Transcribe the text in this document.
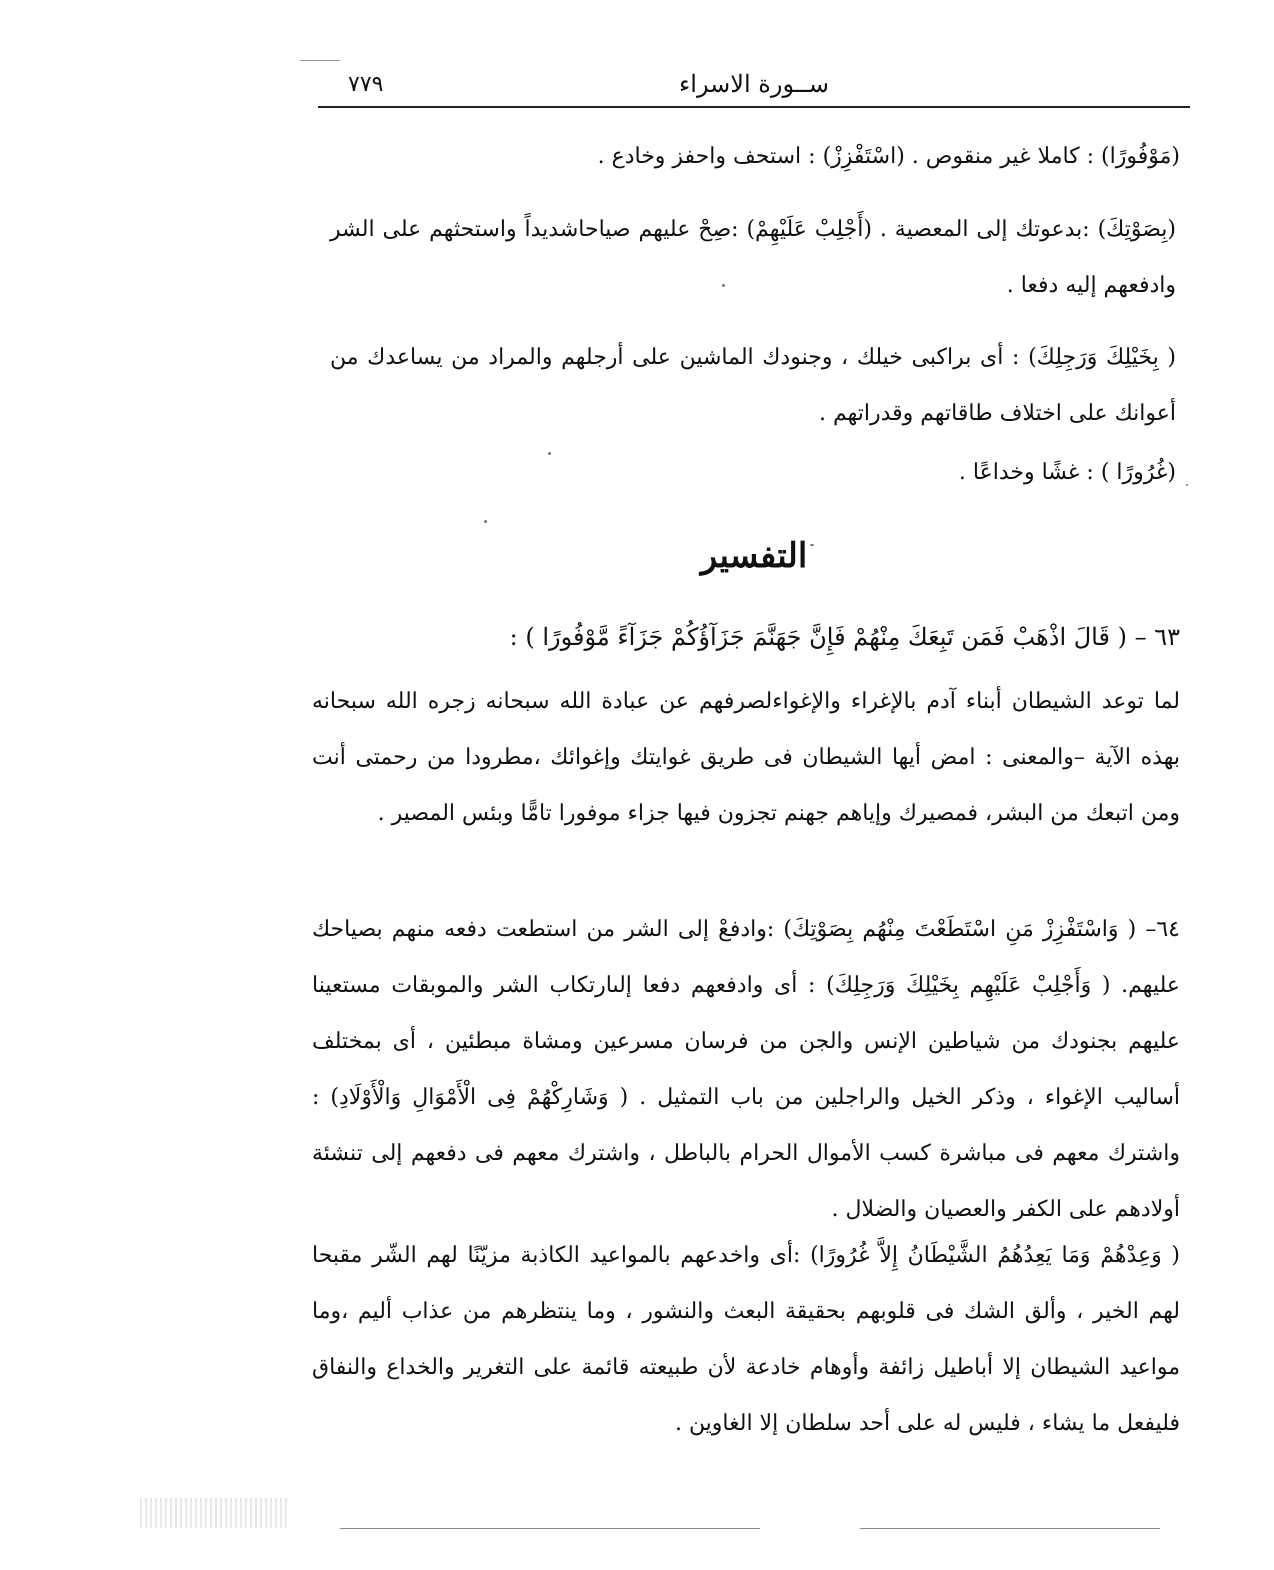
ســورة الاسراء
٧٧٩

(مَوْفُورًا) : كاملا غير منقوص . (اسْتَفْزِزْ) : استحف واحفز وخادع .

(بِصَوْتِكَ) :بدعوتك إلى المعصية . (أَجْلِبْ عَلَيْهِمْ) :صِحْ عليهم صياحاشديداً واستحثهم على الشر وادفعهم إليه دفعا .

( بِخَيْلِكَ وَرَجِلِكَ) : أى براكبى خيلك ، وجنودك الماشين على أرجلهم والمراد من يساعدك من أعوانك على اختلاف طاقاتهم وقدراتهم .

(غُرُورًا ) : غشًا وخداعًا .

التفسير

٦٣ – ( قَالَ اذْهَبْ فَمَن تَبِعَكَ مِنْهُمْ فَإِنَّ جَهَنَّمَ جَزَآؤُكُمْ جَزَآءً مَّوْفُورًا ) :

لما توعد الشيطان أبناء آدم بالإغراء والإغواءلصرفهم عن عبادة الله سبحانه زجره الله سبحانه بهذه الآية –والمعنى : امض أيها الشيطان فى طريق غوايتك وإغوائك ،مطرودا من رحمتى أنت ومن اتبعك من البشر، فمصيرك وإياهم جهنم تجزون فيها جزاء موفورا تامًّا وبئس المصير .

٦٤– ( وَاسْتَفْزِزْ مَنِ اسْتَطَعْتَ مِنْهُم بِصَوْتِكَ) :وادفعْ إلى الشر من استطعت دفعه منهم بصياحك عليهم. ( وَأَجْلِبْ عَلَيْهِم بِخَيْلِكَ وَرَجِلِكَ) : أى وادفعهم دفعا إلىارتكاب الشر والموبقات مستعينا عليهم بجنودك من شياطين الإنس والجن من فرسان مسرعين ومشاة مبطئين ، أى بمختلف أساليب الإغواء ، وذكر الخيل والراجلين من باب التمثيل . ( وَشَارِكْهُمْ فِى الْأَمْوَالِ وَالْأَوْلَادِ) : واشترك معهم فى مباشرة كسب الأموال الحرام بالباطل ، واشترك معهم فى دفعهم إلى تنشئة أولادهم على الكفر والعصيان والضلال .

( وَعِدْهُمْ وَمَا يَعِدُهُمُ الشَّيْطَانُ إِلاَّ غُرُورًا) :أى واخدعهم بالمواعيد الكاذبة مزيّنًا لهم الشّر مقبحا لهم الخير ، وألق الشك فى قلوبهم بحقيقة البعث والنشور ، وما ينتظرهم من عذاب أليم ،وما مواعيد الشيطان إلا أباطيل زائفة وأوهام خادعة لأن طبيعته قائمة على التغرير والخداع والنفاق فليفعل ما يشاء ، فليس له على أحد سلطان إلا الغاوين .
